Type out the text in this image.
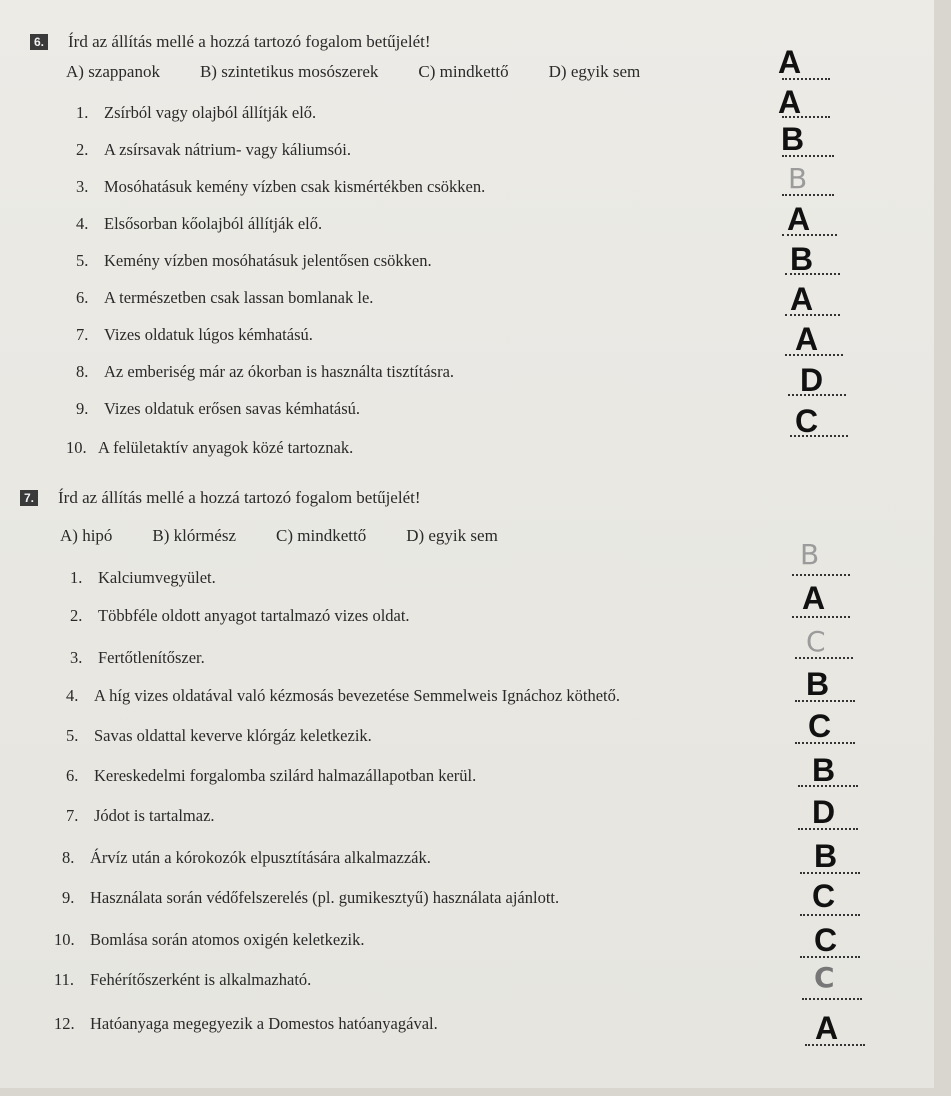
6. Írd az állítás mellé a hozzá tartozó fogalom betűjelét!
A) szappanok B) szintetikus mosószerek C) mindkettő D) egyik sem
1. Zsírból vagy olajból állítják elő.
2. A zsírsavak nátrium- vagy káliumsói.
3. Mosóhatásuk kemény vízben csak kismértékben csökken.
4. Elsősorban kőolajból állítják elő.
5. Kemény vízben mosóhatásuk jelentősen csökken.
6. A természetben csak lassan bomlanak le.
7. Vizes oldatuk lúgos kémhatású.
8. Az emberiség már az ókorban is használta tisztításra.
9. Vizes oldatuk erősen savas kémhatású.
10. A felületaktív anyagok közé tartoznak.
A
A
B
B
A
B
A
A
D
C
7. Írd az állítás mellé a hozzá tartozó fogalom betűjelét!
A) hipó B) klórmész C) mindkettő D) egyik sem
1. Kalciumvegyület.
2. Többféle oldott anyagot tartalmazó vizes oldat.
3. Fertőtlenítőszer.
4. A híg vizes oldatával való kézmosás bevezetése Semmelweis Ignáchoz köthető.
5. Savas oldattal keverve klórgáz keletkezik.
6. Kereskedelmi forgalomba szilárd halmazállapotban kerül.
7. Jódot is tartalmaz.
8. Árvíz után a kórokozók elpusztítására alkalmazzák.
9. Használata során védőfelszerelés (pl. gumikesztyű) használata ajánlott.
10. Bomlása során atomos oxigén keletkezik.
11. Fehérítőszerként is alkalmazható.
12. Hatóanyaga megegyezik a Domestos hatóanyagával.
B
A
C
B
C
B
D
B
C
C
C
A
